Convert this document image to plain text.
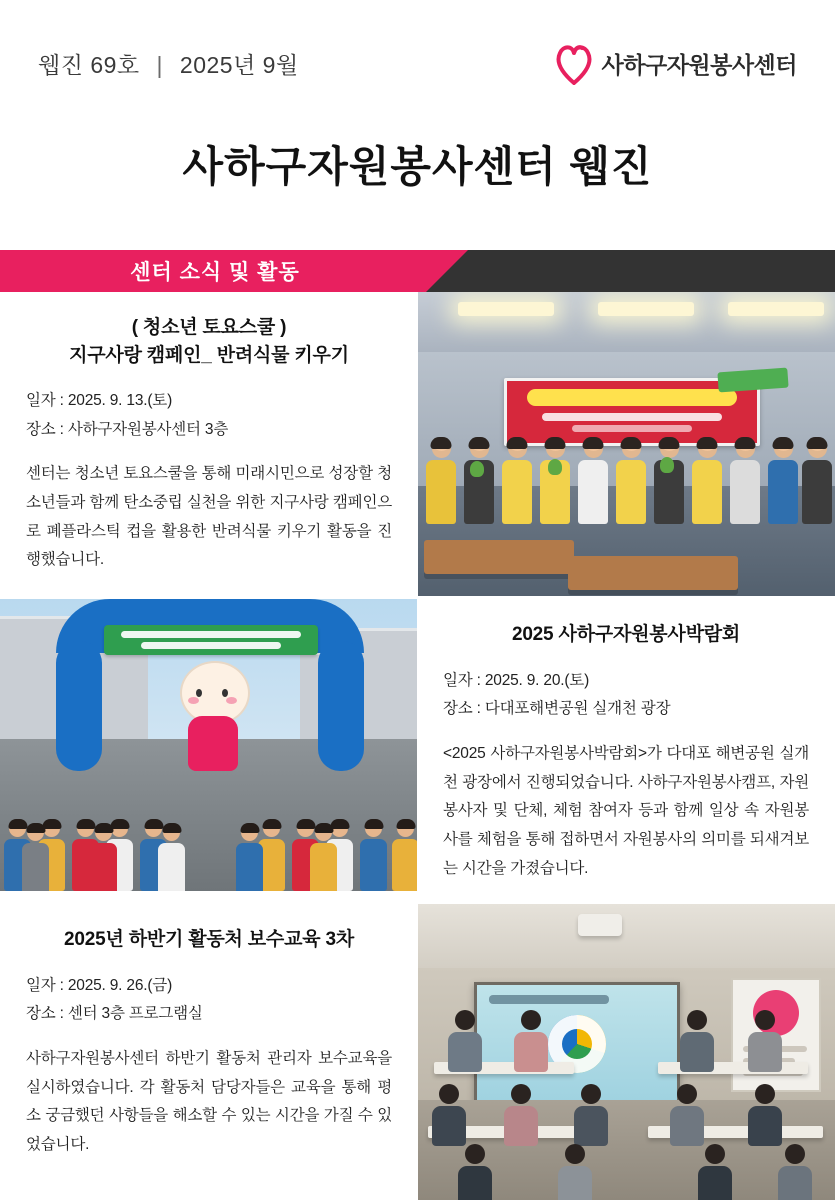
웹진 69호 | 2025년 9월	사하구자원봉사센터
사하구자원봉사센터 웹진
센터 소식 및 활동
( 청소년 토요스쿨 )
지구사랑 캠페인_ 반려식물 키우기
일자 : 2025. 9. 13.(토)
장소 : 사하구자원봉사센터 3층
센터는 청소년 토요스쿨을 통해 미래시민으로 성장할 청소년들과 함께 탄소중립 실천을 위한 지구사랑 캠페인으로 폐플라스틱 컵을 활용한 반려식물 키우기 활동을 진행했습니다.
2025 사하구자원봉사박람회
일자 : 2025. 9. 20.(토)
장소 : 다대포해변공원 실개천 광장
<2025 사하구자원봉사박람회>가 다대포 해변공원 실개천 광장에서 진행되었습니다. 사하구자원봉사캠프, 자원봉사자 및 단체, 체험 참여자 등과 함께 일상 속 자원봉사를 체험을 통해 접하면서 자원봉사의 의미를 되새겨보는 시간을 가졌습니다.
2025년 하반기 활동처 보수교육 3차
일자 : 2025. 9. 26.(금)
장소 : 센터 3층 프로그램실
사하구자원봉사센터 하반기 활동처 관리자 보수교육을 실시하였습니다. 각 활동처 담당자들은 교육을 통해 평소 궁금했던 사항들을 해소할 수 있는 시간을 가질 수 있었습니다.
